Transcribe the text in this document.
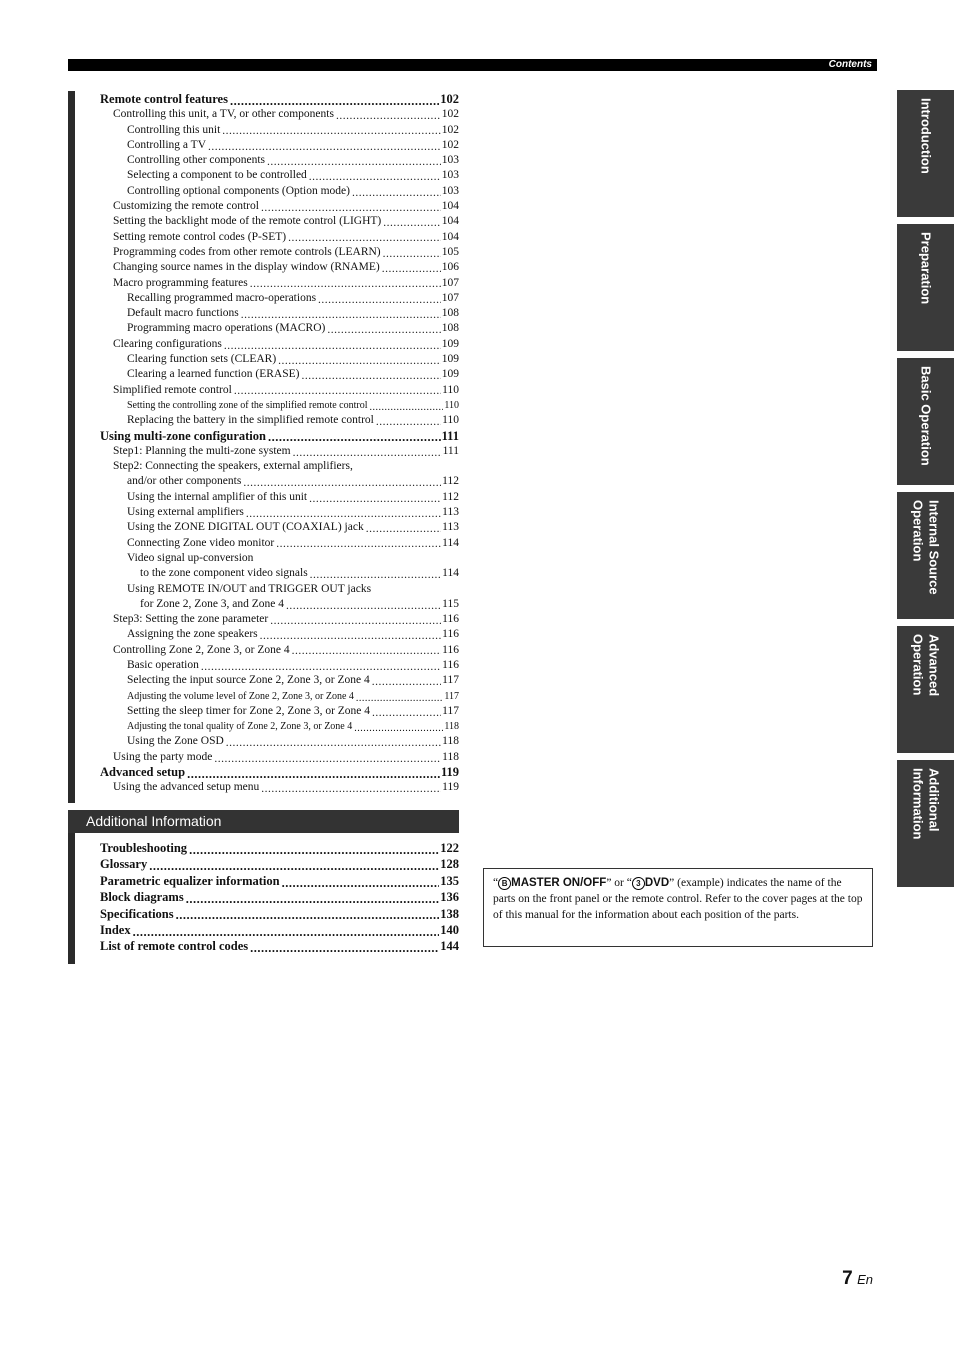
Contents
Remote control features .....	102
Controlling this unit, a TV, or other components .....	102
Controlling this unit .....	102
Controlling a TV .....	102
Controlling other components .....	103
Selecting a component to be controlled .....	103
Controlling optional components (Option mode) .....	103
Customizing the remote control .....	104
Setting the backlight mode of the remote control (LIGHT) .....	104
Setting remote control codes (P-SET) .....	104
Programming codes from other remote controls (LEARN) .....	105
Changing source names in the display window (RNAME) .....	106
Macro programming features .....	107
Recalling programmed macro-operations .....	107
Default macro functions .....	108
Programming macro operations (MACRO) .....	108
Clearing configurations .....	109
Clearing function sets (CLEAR) .....	109
Clearing a learned function (ERASE) .....	109
Simplified remote control .....	110
Setting the controlling zone of the simplified remote control .....	110
Replacing the battery in the simplified remote control .....	110
Using multi-zone configuration .....	111
Step1: Planning the multi-zone system .....	111
Step2: Connecting the speakers, external amplifiers,
and/or other components .....	112
Using the internal amplifier of this unit .....	112
Using external amplifiers .....	113
Using the ZONE DIGITAL OUT (COAXIAL) jack .....	113
Connecting Zone video monitor .....	114
Video signal up-conversion
to the zone component video signals .....	114
Using REMOTE IN/OUT and TRIGGER OUT jacks
for Zone 2, Zone 3, and Zone 4 .....	115
Step3: Setting the zone parameter .....	116
Assigning the zone speakers .....	116
Controlling Zone 2, Zone 3, or Zone 4 .....	116
Basic operation .....	116
Selecting the input source Zone 2, Zone 3, or Zone 4 .....	117
Adjusting the volume level of Zone 2, Zone 3, or Zone 4 .....	117
Setting the sleep timer for Zone 2, Zone 3, or Zone 4 .....	117
Adjusting the tonal quality of Zone 2, Zone 3, or Zone 4 .....	118
Using the Zone OSD .....	118
Using the party mode .....	118
Advanced setup .....	119
Using the advanced setup menu .....	119
Additional Information
Troubleshooting .....	122
Glossary .....	128
Parametric equalizer information .....	135
Block diagrams .....	136
Specifications .....	138
Index .....	140
List of remote control codes .....	144
Introduction
Preparation
Basic Operation
Internal Source
Operation
Advanced
Operation
Additional
Information
“ B MASTER ON/OFF” or “ 3 DVD” (example) indicates the name of the parts on the front panel or the remote control. Refer to the cover pages at the top of this manual for the information about each position of the parts.
7 En
